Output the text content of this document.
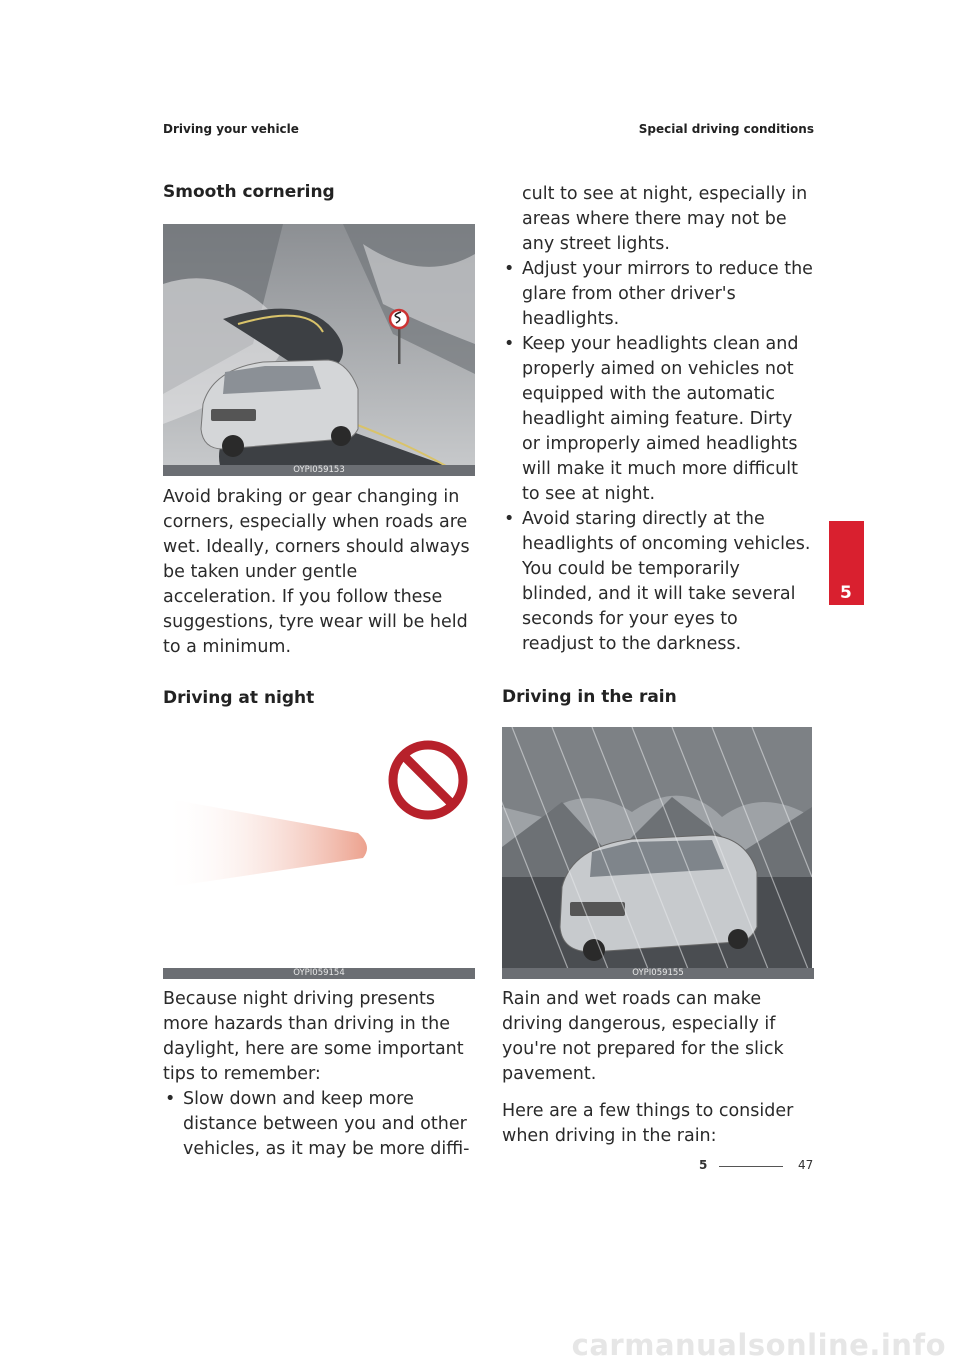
Driving your vehicle	Special driving conditions
Smooth cornering
OYPI059153

Avoid braking or gear changing in corners, especially when roads are wet. Ideally, corners should always be taken under gentle acceleration. If you follow these suggestions, tyre wear will be held to a minimum.

Driving at night
OYPI059154

Because night driving presents more hazards than driving in the daylight, here are some important tips to remember:

• Slow down and keep more distance between you and other vehicles, as it may be more diffi-
cult to see at night, especially in areas where there may not be any street lights.
• Adjust your mirrors to reduce the glare from other driver's headlights.
• Keep your headlights clean and properly aimed on vehicles not equipped with the automatic headlight aiming feature. Dirty or improperly aimed headlights will make it much more difficult to see at night.
• Avoid staring directly at the headlights of oncoming vehicles. You could be temporarily blinded, and it will take several seconds for your eyes to readjust to the darkness.
Driving in the rain
OYPI059155

Rain and wet roads can make driving dangerous, especially if you're not prepared for the slick pavement.

Here are a few things to consider when driving in the rain:

5
5	47
carmanualsonline.info
